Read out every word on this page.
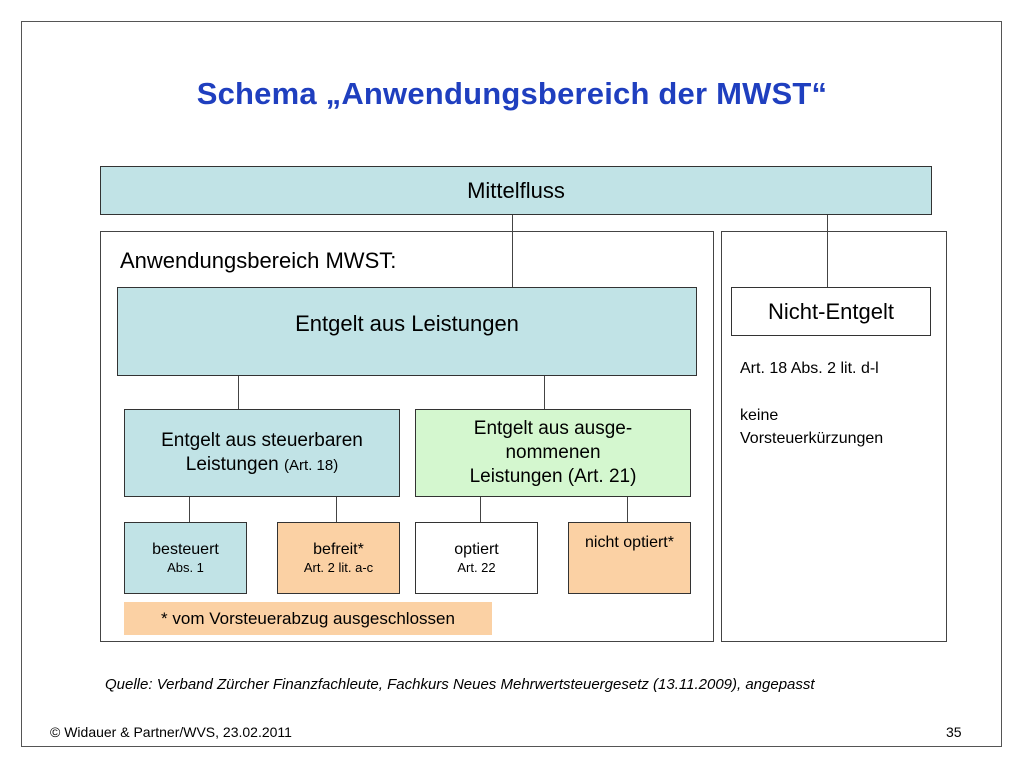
Schema „Anwendungsbereich der MWST“
Mittelfluss
Anwendungsbereich MWST:
Entgelt aus Leistungen
Entgelt aus steuerbaren
Leistungen (Art. 18)
Entgelt aus ausge-
nommenen
Leistungen (Art. 21)
besteuert
Abs. 1
befreit*
Art. 2 lit. a-c
optiert
Art. 22
nicht optiert*
* vom Vorsteuerabzug ausgeschlossen
Nicht-Entgelt
Art. 18 Abs. 2 lit. d-l
keine
Vorsteuerkürzungen
Quelle: Verband Zürcher Finanzfachleute, Fachkurs Neues Mehrwertsteuergesetz (13.11.2009), angepasst
© Widauer & Partner/WVS, 23.02.2011	35
